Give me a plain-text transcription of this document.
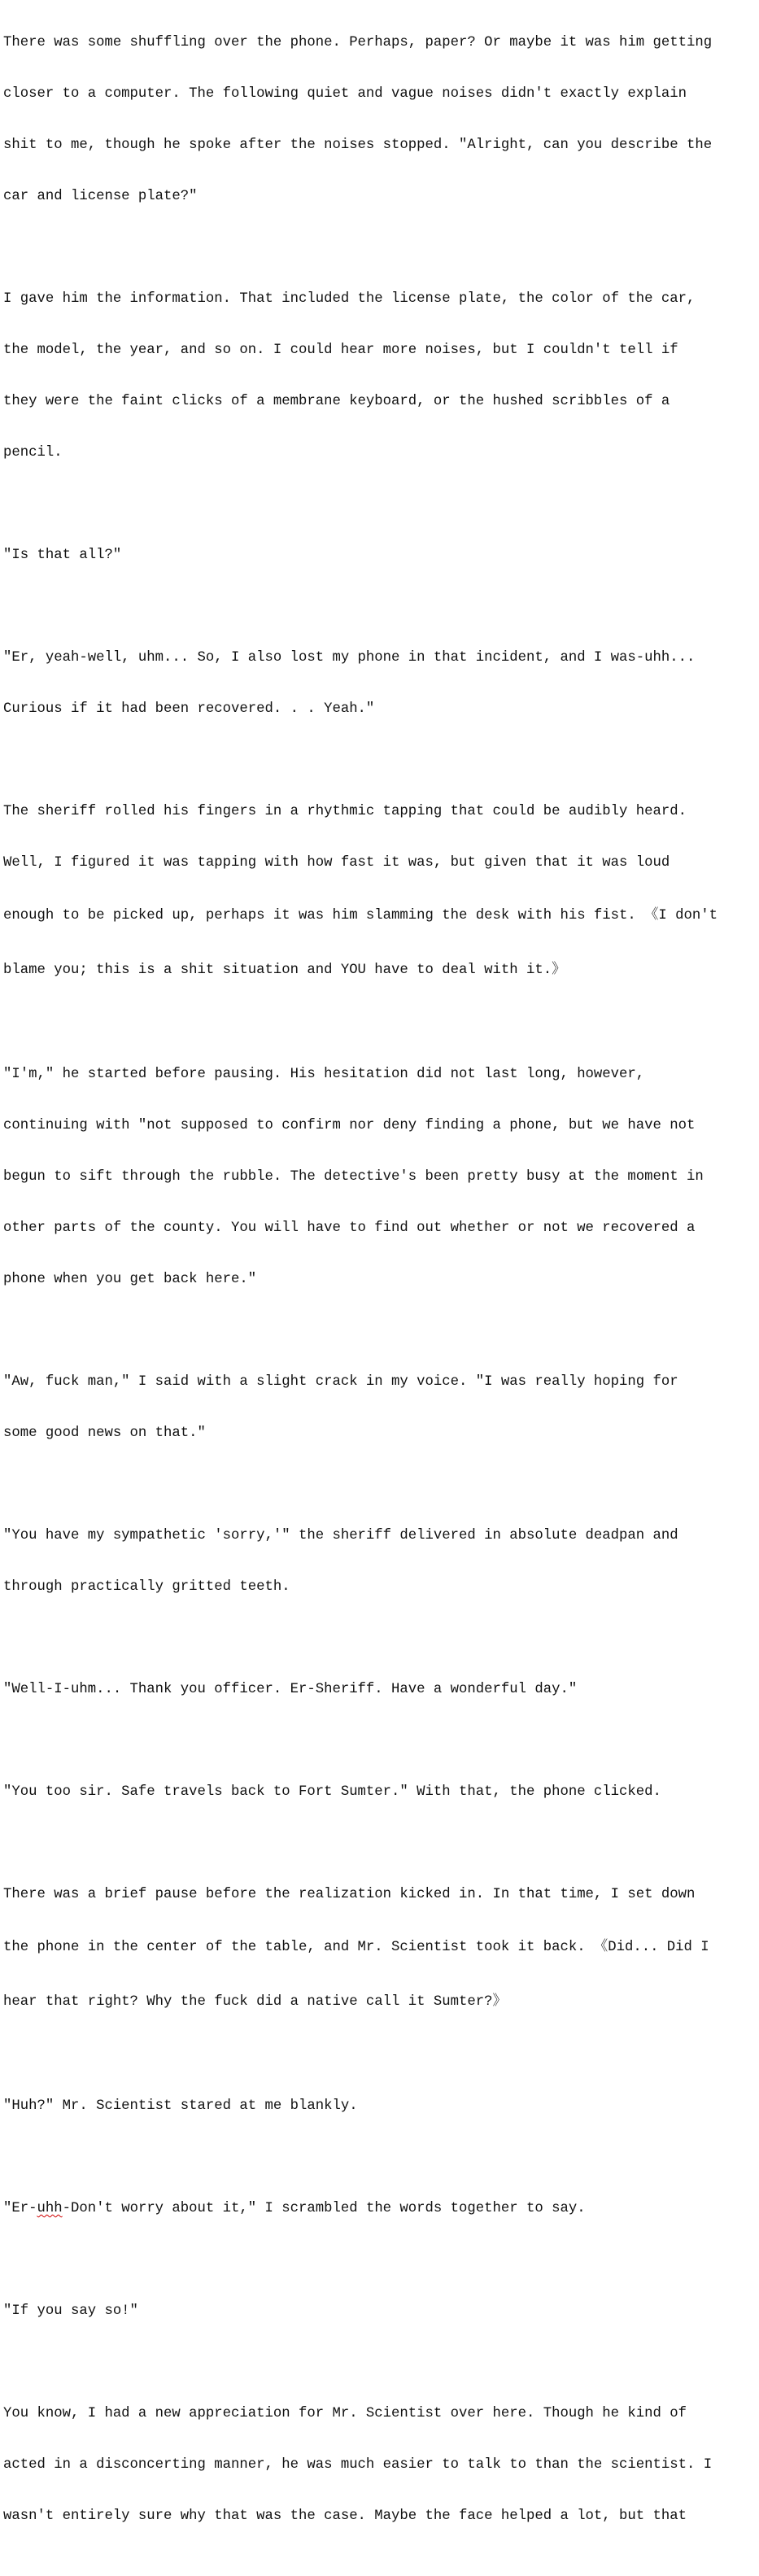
There was some shuffling over the phone. Perhaps, paper? Or maybe it was him getting

closer to a computer. The following quiet and vague noises didn't exactly explain

shit to me, though he spoke after the noises stopped. "Alright, can you describe the

car and license plate?"

I gave him the information. That included the license plate, the color of the car,

the model, the year, and so on. I could hear more noises, but I couldn't tell if

they were the faint clicks of a membrane keyboard, or the hushed scribbles of a

pencil.

"Is that all?"

"Er, yeah-well, uhm... So, I also lost my phone in that incident, and I was-uhh...

Curious if it had been recovered. . . Yeah."

The sheriff rolled his fingers in a rhythmic tapping that could be audibly heard.

Well, I figured it was tapping with how fast it was, but given that it was loud

enough to be picked up, perhaps it was him slamming the desk with his fist. 《I don't

blame you; this is a shit situation and YOU have to deal with it.》

"I'm," he started before pausing. His hesitation did not last long, however,

continuing with "not supposed to confirm nor deny finding a phone, but we have not

begun to sift through the rubble. The detective's been pretty busy at the moment in

other parts of the county. You will have to find out whether or not we recovered a

phone when you get back here."

"Aw, fuck man," I said with a slight crack in my voice. "I was really hoping for

some good news on that."

"You have my sympathetic 'sorry,'" the sheriff delivered in absolute deadpan and

through practically gritted teeth.

"Well-I-uhm... Thank you officer. Er-Sheriff. Have a wonderful day."

"You too sir. Safe travels back to Fort Sumter." With that, the phone clicked.

There was a brief pause before the realization kicked in. In that time, I set down

the phone in the center of the table, and Mr. Scientist took it back. 《Did... Did I

hear that right? Why the fuck did a native call it Sumter?》

"Huh?" Mr. Scientist stared at me blankly.

"Er-uhh-Don't worry about it," I scrambled the words together to say.

"If you say so!"

You know, I had a new appreciation for Mr. Scientist over here. Though he kind of

acted in a disconcerting manner, he was much easier to talk to than the scientist. I

wasn't entirely sure why that was the case. Maybe the face helped a lot, but that
